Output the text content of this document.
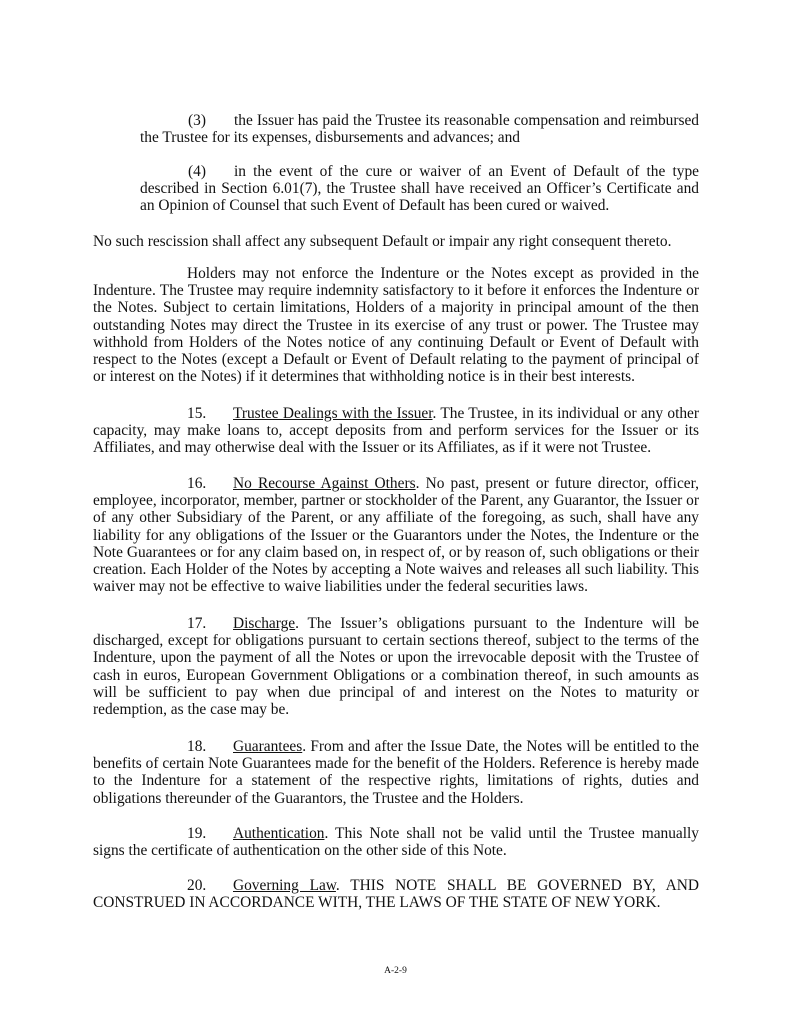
(3) the Issuer has paid the Trustee its reasonable compensation and reimbursed the Trustee for its expenses, disbursements and advances; and

(4) in the event of the cure or waiver of an Event of Default of the type described in Section 6.01(7), the Trustee shall have received an Officer’s Certificate and an Opinion of Counsel that such Event of Default has been cured or waived.

No such rescission shall affect any subsequent Default or impair any right consequent thereto.

Holders may not enforce the Indenture or the Notes except as provided in the Indenture. The Trustee may require indemnity satisfactory to it before it enforces the Indenture or the Notes. Subject to certain limitations, Holders of a majority in principal amount of the then outstanding Notes may direct the Trustee in its exercise of any trust or power. The Trustee may withhold from Holders of the Notes notice of any continuing Default or Event of Default with respect to the Notes (except a Default or Event of Default relating to the payment of principal of or interest on the Notes) if it determines that withholding notice is in their best interests.

15. Trustee Dealings with the Issuer. The Trustee, in its individual or any other capacity, may make loans to, accept deposits from and perform services for the Issuer or its Affiliates, and may otherwise deal with the Issuer or its Affiliates, as if it were not Trustee.

16. No Recourse Against Others. No past, present or future director, officer, employee, incorporator, member, partner or stockholder of the Parent, any Guarantor, the Issuer or of any other Subsidiary of the Parent, or any affiliate of the foregoing, as such, shall have any liability for any obligations of the Issuer or the Guarantors under the Notes, the Indenture or the Note Guarantees or for any claim based on, in respect of, or by reason of, such obligations or their creation. Each Holder of the Notes by accepting a Note waives and releases all such liability. This waiver may not be effective to waive liabilities under the federal securities laws.

17. Discharge. The Issuer’s obligations pursuant to the Indenture will be discharged, except for obligations pursuant to certain sections thereof, subject to the terms of the Indenture, upon the payment of all the Notes or upon the irrevocable deposit with the Trustee of cash in euros, European Government Obligations or a combination thereof, in such amounts as will be sufficient to pay when due principal of and interest on the Notes to maturity or redemption, as the case may be.

18. Guarantees. From and after the Issue Date, the Notes will be entitled to the benefits of certain Note Guarantees made for the benefit of the Holders. Reference is hereby made to the Indenture for a statement of the respective rights, limitations of rights, duties and obligations thereunder of the Guarantors, the Trustee and the Holders.

19. Authentication. This Note shall not be valid until the Trustee manually signs the certificate of authentication on the other side of this Note.

20. Governing Law. THIS NOTE SHALL BE GOVERNED BY, AND CONSTRUED IN ACCORDANCE WITH, THE LAWS OF THE STATE OF NEW YORK.

A-2-9
